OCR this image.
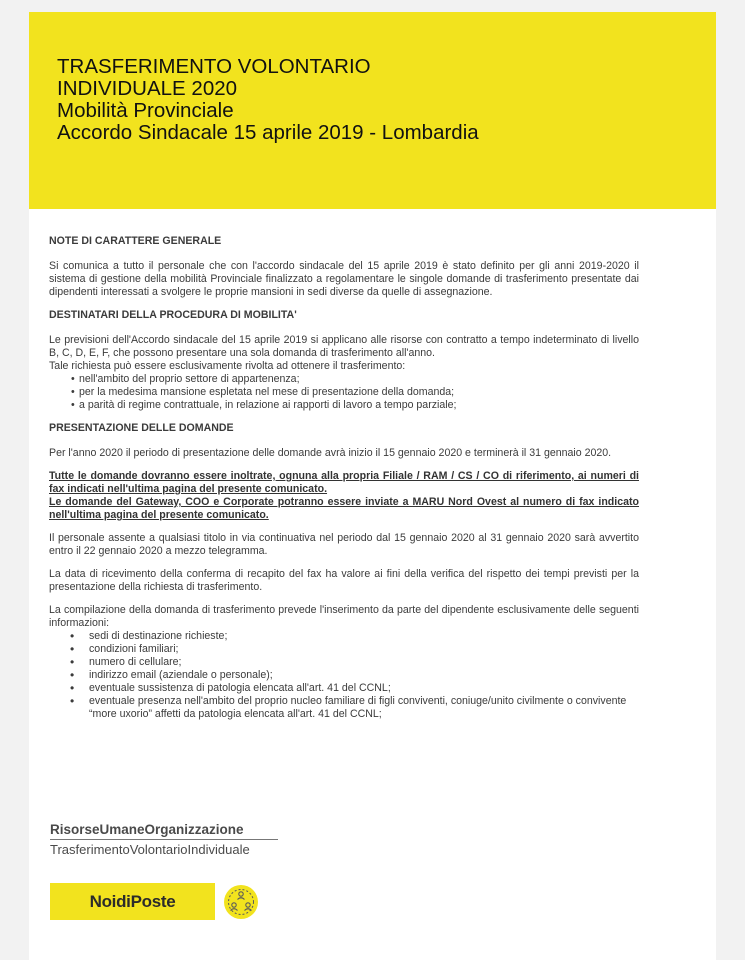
TRASFERIMENTO VOLONTARIO
INDIVIDUALE 2020
Mobilità Provinciale
Accordo Sindacale 15 aprile 2019 - Lombardia

NOTE DI CARATTERE GENERALE

Si comunica a tutto il personale che con l'accordo sindacale del 15 aprile 2019 è stato definito per gli anni 2019-2020 il sistema di gestione della mobilità Provinciale finalizzato a regolamentare le singole domande di trasferimento presentate dai dipendenti interessati a svolgere le proprie mansioni in sedi diverse da quelle di assegnazione.

DESTINATARI DELLA PROCEDURA DI MOBILITA'

Le previsioni dell'Accordo sindacale del 15 aprile 2019 si applicano alle risorse con contratto a tempo indeterminato di livello B, C, D, E, F, che possono presentare una sola domanda di trasferimento all'anno.

Tale richiesta può essere esclusivamente rivolta ad ottenere il trasferimento:

• nell'ambito del proprio settore di appartenenza;
• per la medesima mansione espletata nel mese di presentazione della domanda;
• a parità di regime contrattuale, in relazione ai rapporti di lavoro a tempo parziale;

PRESENTAZIONE DELLE DOMANDE

Per l'anno 2020 il periodo di presentazione delle domande avrà inizio il 15 gennaio 2020 e terminerà il 31 gennaio 2020.

Tutte le domande dovranno essere inoltrate, ognuna alla propria Filiale / RAM / CS / CO di riferimento, ai numeri di fax indicati nell'ultima pagina del presente comunicato.

Le domande del Gateway, COO e Corporate potranno essere inviate a MARU Nord Ovest al numero di fax indicato nell'ultima pagina del presente comunicato.

Il personale assente a qualsiasi titolo in via continuativa nel periodo dal 15 gennaio 2020 al 31 gennaio 2020 sarà avvertito entro il 22 gennaio 2020 a mezzo telegramma.

La data di ricevimento della conferma di recapito del fax ha valore ai fini della verifica del rispetto dei tempi previsti per la presentazione della richiesta di trasferimento.

La compilazione della domanda di trasferimento prevede l'inserimento da parte del dipendente esclusivamente delle seguenti informazioni:

• sedi di destinazione richieste;
• condizioni familiari;
• numero di cellulare;
• indirizzo email (aziendale o personale);
• eventuale sussistenza di patologia elencata all'art. 41 del CCNL;
• eventuale presenza nell'ambito del proprio nucleo familiare di figli conviventi, coniuge/unito civilmente o convivente “more uxorio” affetti da patologia elencata all'art. 41 del CCNL;
RisorseUmaneOrganizzazione
TrasferimentoVolontarioIndividuale
NoidiPoste
